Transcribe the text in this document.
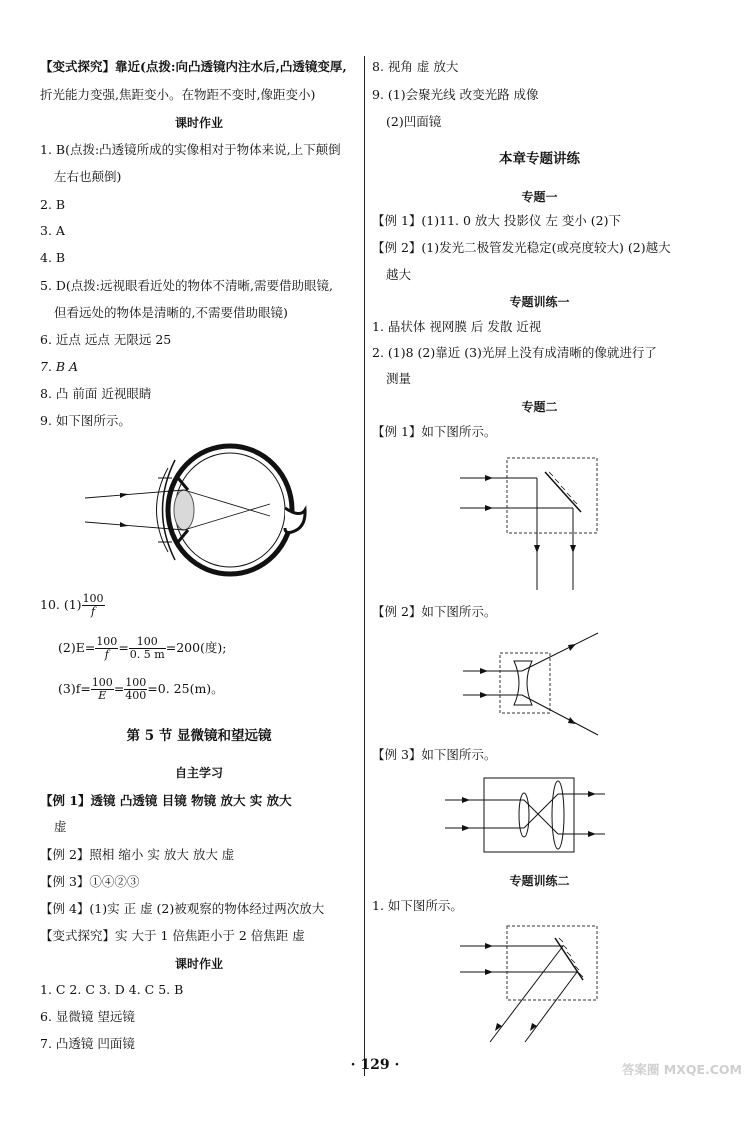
【变式探究】靠近(点拨:向凸透镜内注水后,凸透镜变厚,
折光能力变强,焦距变小。在物距不变时,像距变小)
课时作业
1. B(点拨:凸透镜所成的实像相对于物体来说,上下颠倒
左右也颠倒)
2. B
3. A
4. B
5. D(点拨:远视眼看近处的物体不清晰,需要借助眼镜,
但看远处的物体是清晰的,不需要借助眼镜)
6. 近点 远点 无限远 25
7. B A
8. 凸 前面 近视眼睛
9. 如下图所示。
10. $(1) \frac{100}{f}$
$(2)E= \frac{100}{f} = \frac{100}{0. 5 m} =200$(度);
$(3)f= \frac{100}{E} = \frac{100}{400} =0$. 25(m)。
第 5 节 显微镜和望远镜
自主学习
【例 1】透镜 凸透镜 目镜 物镜 放大 实 放大
虚
【例 2】照相 缩小 实 放大 放大 虚
【例 3】①④②③
【例 4】(1)实 正 虚 (2)被观察的物体经过两次放大
【变式探究】实 大于 1 倍焦距小于 2 倍焦距 虚
课时作业
1. C 2. C 3. D 4. C 5. B
6. 显微镜 望远镜
7. 凸透镜 凹面镜
8. 视角 虚 放大
9. (1)会聚光线 改变光路 成像
(2)凹面镜
本章专题讲练
专题一
【例 1】(1)11. 0 放大 投影仪 左 变小 (2)下
【例 2】(1)发光二极管发光稳定(或亮度较大) (2)越大
越大
专题训练一
1. 晶状体 视网膜 后 发散 近视
2. (1)8 (2)靠近 (3)光屏上没有成清晰的像就进行了
测量
专题二
【例 1】如下图所示。
【例 2】如下图所示。
【例 3】如下图所示。
专题训练二
1. 如下图所示。
· 129 ·	答案圈 MXQE.COM
